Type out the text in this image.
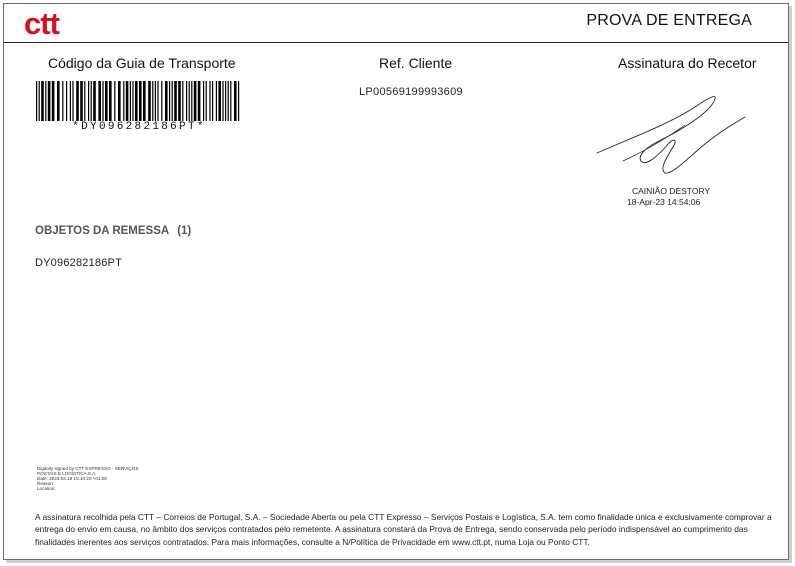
ctt	PROVA DE ENTREGA
Código da Guia de Transporte	Ref. Cliente	Assinatura do Recetor
*DY096282186PT*
LP00569199993609
CAINIÃO DESTORY
18-Apr-23 14:54:06
OBJETOS DA REMESSA (1)
DY096282186PT
Digitally signed by CTT EXPRESSO - SERVIÇOS
POSTAIS E LOGÍSTICA S.A.
Date: 2023.04.18 15:10:20 +01:00
Reason:
Location:
A assinatura recolhida pela CTT – Correios de Portugal, S.A. – Sociedade Aberta ou pela CTT Expresso – Serviços Postais e Logística, S.A. tem como finalidade única e exclusivamente comprovar a entrega do envio em causa, no âmbito dos serviços contratados pelo remetente. A assinatura constará da Prova de Entrega, sendo conservada pelo período indispensável ao cumprimento das finalidades inerentes aos serviços contratados. Para mais informações, consulte a N/Política de Privacidade em www.ctt.pt, numa Loja ou Ponto CTT.
